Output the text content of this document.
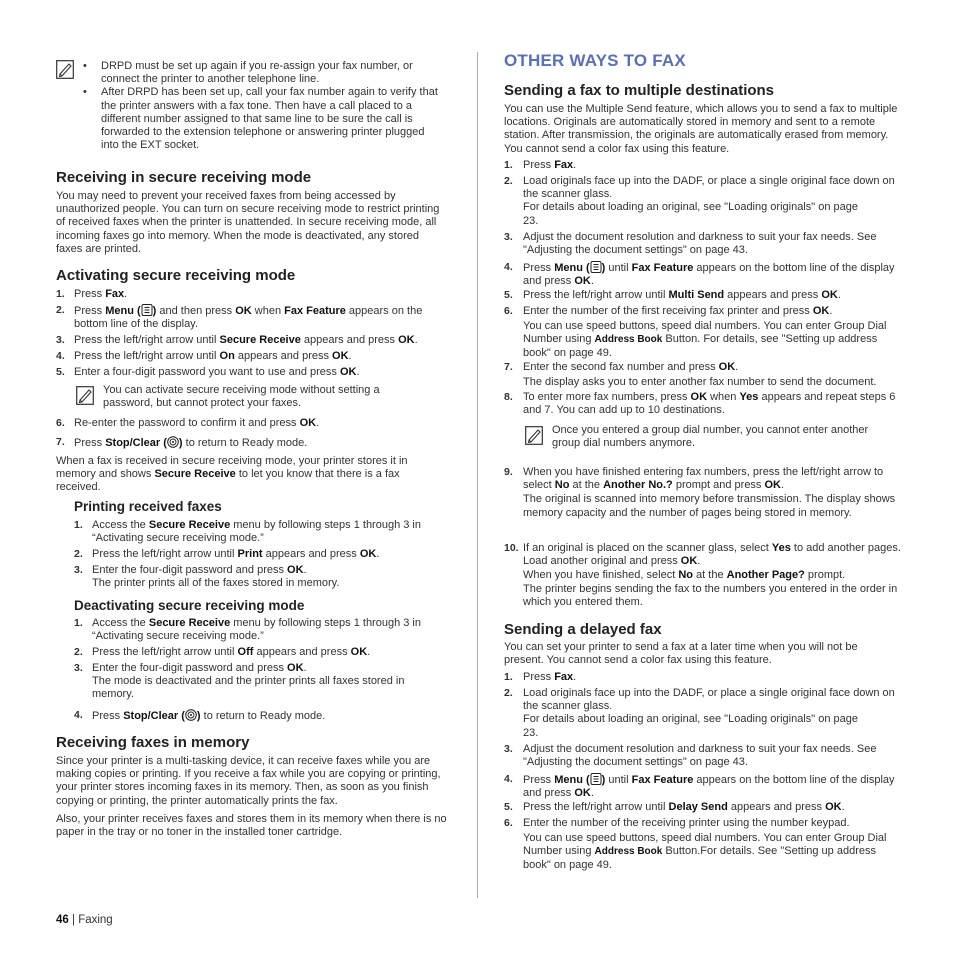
• DRPD must be set up again if you re-assign your fax number, or connect the printer to another telephone line.
• After DRPD has been set up, call your fax number again to verify that the printer answers with a fax tone. Then have a call placed to a different number assigned to that same line to be sure the call is forwarded to the extension telephone or answering printer plugged into the EXT socket.
Receiving in secure receiving mode
You may need to prevent your received faxes from being accessed by unauthorized people. You can turn on secure receiving mode to restrict printing of received faxes when the printer is unattended. In secure receiving mode, all incoming faxes go into memory. When the mode is deactivated, any stored faxes are printed.
Activating secure receiving mode
1. Press Fax.
2. Press Menu ( ) and then press OK when Fax Feature appears on the bottom line of the display.
3. Press the left/right arrow until Secure Receive appears and press OK.
4. Press the left/right arrow until On appears and press OK.
5. Enter a four-digit password you want to use and press OK.
You can activate secure receiving mode without setting a password, but cannot protect your faxes.
6. Re-enter the password to confirm it and press OK.
7. Press Stop/Clear ( ) to return to Ready mode.
When a fax is received in secure receiving mode, your printer stores it in memory and shows Secure Receive to let you know that there is a fax received.
Printing received faxes
1. Access the Secure Receive menu by following steps 1 through 3 in “Activating secure receiving mode.”
2. Press the left/right arrow until Print appears and press OK.
3. Enter the four-digit password and press OK.
The printer prints all of the faxes stored in memory.
Deactivating secure receiving mode
1. Access the Secure Receive menu by following steps 1 through 3 in “Activating secure receiving mode.”
2. Press the left/right arrow until Off appears and press OK.
3. Enter the four-digit password and press OK.
The mode is deactivated and the printer prints all faxes stored in memory.
4. Press Stop/Clear ( ) to return to Ready mode.
Receiving faxes in memory

Since your printer is a multi-tasking device, it can receive faxes while you are making copies or printing. If you receive a fax while you are copying or printing, your printer stores incoming faxes in its memory. Then, as soon as you finish copying or printing, the printer automatically prints the fax.

Also, your printer receives faxes and stores them in its memory when there is no paper in the tray or no toner in the installed toner cartridge.

OTHER WAYS TO FAX
Sending a fax to multiple destinations
You can use the Multiple Send feature, which allows you to send a fax to multiple locations. Originals are automatically stored in memory and sent to a remote station. After transmission, the originals are automatically erased from memory. You cannot send a color fax using this feature.
1. Press Fax.
2. Load originals face up into the DADF, or place a single original face down on the scanner glass.
For details about loading an original, see "Loading originals" on page 23.
3. Adjust the document resolution and darkness to suit your fax needs. See "Adjusting the document settings" on page 43.
4. Press Menu ( ) until Fax Feature appears on the bottom line of the display and press OK.
5. Press the left/right arrow until Multi Send appears and press OK.
6. Enter the number of the first receiving fax printer and press OK.
You can use speed buttons, speed dial numbers. You can enter Group Dial Number using Address Book Button. For details, see "Setting up address book" on page 49.
7. Enter the second fax number and press OK.
The display asks you to enter another fax number to send the document.
8. To enter more fax numbers, press OK when Yes appears and repeat steps 6 and 7. You can add up to 10 destinations.
Once you entered a group dial number, you cannot enter another group dial numbers anymore.
9. When you have finished entering fax numbers, press the left/right arrow to select No at the Another No.? prompt and press OK.
The original is scanned into memory before transmission. The display shows memory capacity and the number of pages being stored in memory.
10. If an original is placed on the scanner glass, select Yes to add another pages. Load another original and press OK.
When you have finished, select No at the Another Page? prompt.
The printer begins sending the fax to the numbers you entered in the order in which you entered them.
Sending a delayed fax
You can set your printer to send a fax at a later time when you will not be present. You cannot send a color fax using this feature.
1. Press Fax.
2. Load originals face up into the DADF, or place a single original face down on the scanner glass.
For details about loading an original, see "Loading originals" on page 23.
3. Adjust the document resolution and darkness to suit your fax needs. See "Adjusting the document settings" on page 43.
4. Press Menu ( ) until Fax Feature appears on the bottom line of the display and press OK.
5. Press the left/right arrow until Delay Send appears and press OK.
6. Enter the number of the receiving printer using the number keypad.
You can use speed buttons, speed dial numbers. You can enter Group Dial Number using Address Book Button.For details. See "Setting up address book" on page 49.
46 | Faxing
